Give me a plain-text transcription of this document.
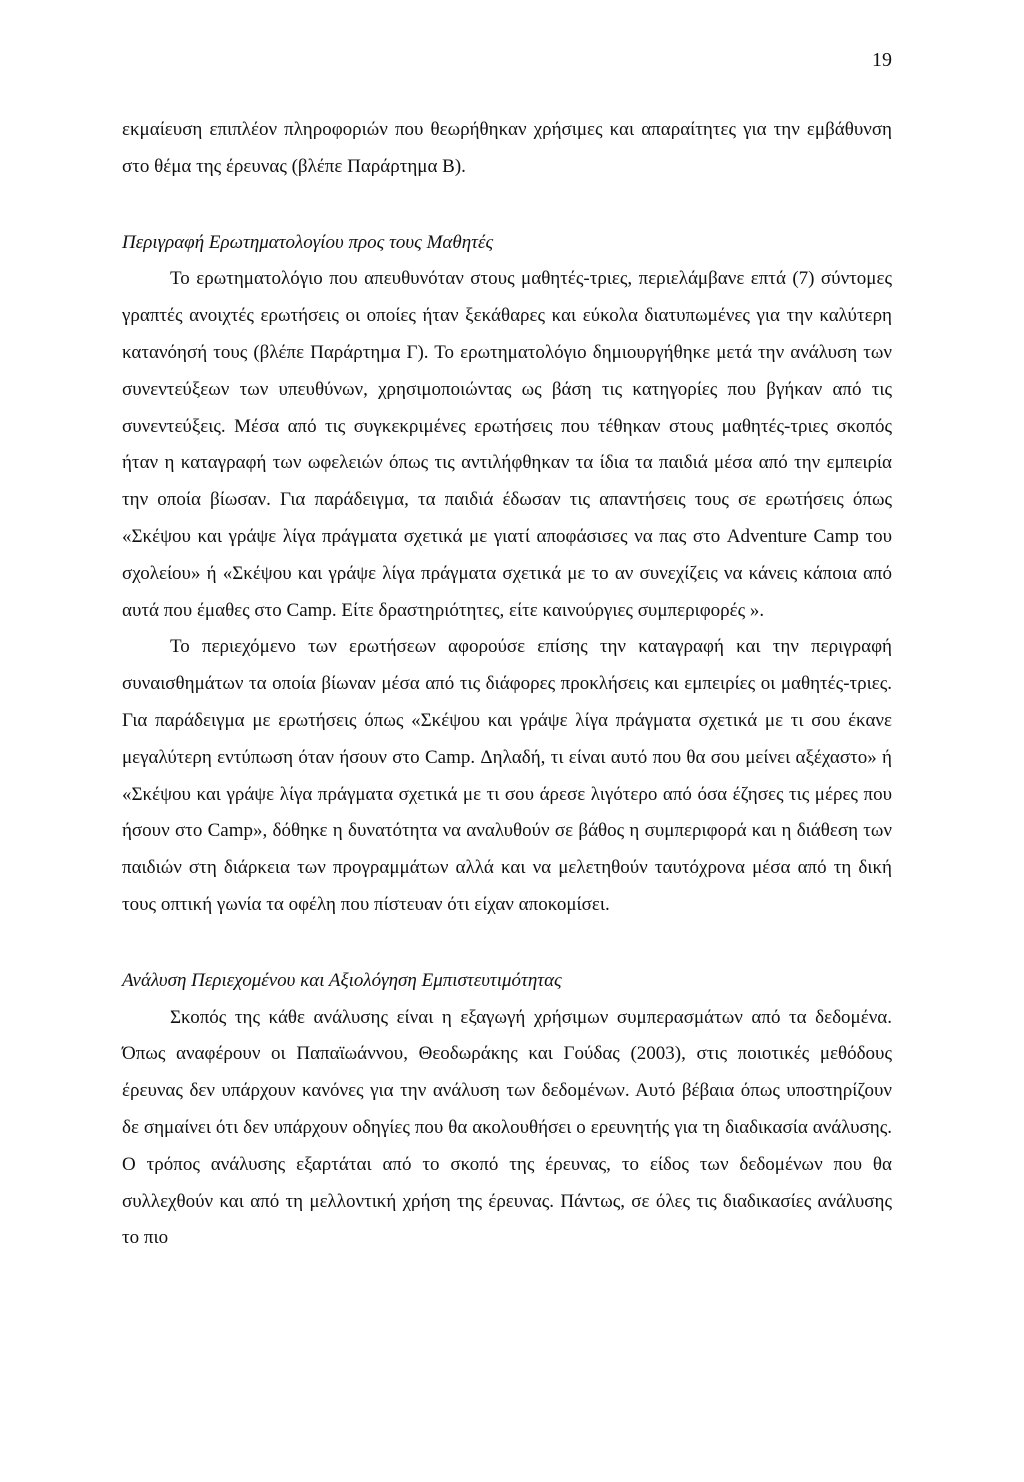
19

εκμαίευση επιπλέον πληροφοριών που θεωρήθηκαν χρήσιμες και απαραίτητες για την εμβάθυνση στο θέμα της έρευνας (βλέπε Παράρτημα Β).

Περιγραφή Ερωτηματολογίου προς τους Μαθητές

Το ερωτηματολόγιο που απευθυνόταν στους μαθητές-τριες, περιελάμβανε επτά (7) σύντομες γραπτές ανοιχτές ερωτήσεις οι οποίες ήταν ξεκάθαρες και εύκολα διατυπωμένες για την καλύτερη κατανόησή τους (βλέπε Παράρτημα Γ). Το ερωτηματολόγιο δημιουργήθηκε μετά την ανάλυση των συνεντεύξεων των υπευθύνων, χρησιμοποιώντας ως βάση τις κατηγορίες που βγήκαν από τις συνεντεύξεις. Μέσα από τις συγκεκριμένες ερωτήσεις που τέθηκαν στους μαθητές-τριες σκοπός ήταν η καταγραφή των ωφελειών όπως τις αντιλήφθηκαν τα ίδια τα παιδιά μέσα από την εμπειρία την οποία βίωσαν. Για παράδειγμα, τα παιδιά έδωσαν τις απαντήσεις τους σε ερωτήσεις όπως «Σκέψου και γράψε λίγα πράγματα σχετικά με γιατί αποφάσισες να πας στο Adventure Camp του σχολείου» ή «Σκέψου και γράψε λίγα πράγματα σχετικά με το αν συνεχίζεις να κάνεις κάποια από αυτά που έμαθες στο Camp. Είτε δραστηριότητες, είτε καινούργιες συμπεριφορές ».

Το περιεχόμενο των ερωτήσεων αφορούσε επίσης την καταγραφή και την περιγραφή συναισθημάτων τα οποία βίωναν μέσα από τις διάφορες προκλήσεις και εμπειρίες οι μαθητές-τριες. Για παράδειγμα με ερωτήσεις όπως «Σκέψου και γράψε λίγα πράγματα σχετικά με τι σου έκανε μεγαλύτερη εντύπωση όταν ήσουν στο Camp. Δηλαδή, τι είναι αυτό που θα σου μείνει αξέχαστο» ή «Σκέψου και γράψε λίγα πράγματα σχετικά με τι σου άρεσε λιγότερο από όσα έζησες τις μέρες που ήσουν στο Camp», δόθηκε η δυνατότητα να αναλυθούν σε βάθος η συμπεριφορά και η διάθεση των παιδιών στη διάρκεια των προγραμμάτων αλλά και να μελετηθούν ταυτόχρονα μέσα από τη δική τους οπτική γωνία τα οφέλη που πίστευαν ότι είχαν αποκομίσει.

Ανάλυση Περιεχομένου και Αξιολόγηση Εμπιστευτιμότητας

Σκοπός της κάθε ανάλυσης είναι η εξαγωγή χρήσιμων συμπερασμάτων από τα δεδομένα. Όπως αναφέρουν οι Παπαϊωάννου, Θεοδωράκης και Γούδας (2003), στις ποιοτικές μεθόδους έρευνας δεν υπάρχουν κανόνες για την ανάλυση των δεδομένων. Αυτό βέβαια όπως υποστηρίζουν δε σημαίνει ότι δεν υπάρχουν οδηγίες που θα ακολουθήσει ο ερευνητής για τη διαδικασία ανάλυσης. Ο τρόπος ανάλυσης εξαρτάται από το σκοπό της έρευνας, το είδος των δεδομένων που θα συλλεχθούν και από τη μελλοντική χρήση της έρευνας. Πάντως, σε όλες τις διαδικασίες ανάλυσης το πιο
